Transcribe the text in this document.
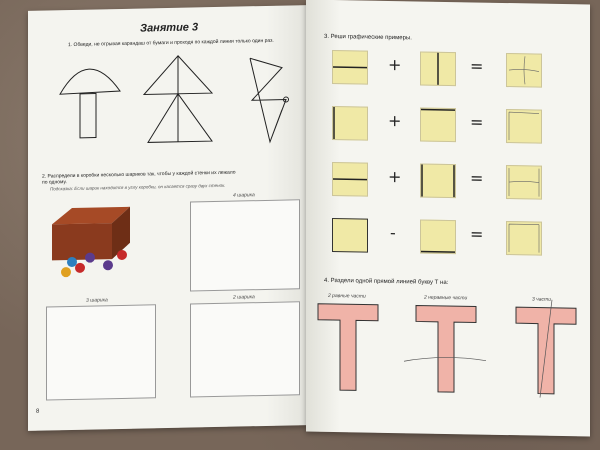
Занятие 3
1. Обведи, не отрывая карандаш от бумаги и проходя по каждой линии только один раз.
2. Распредели в коробки несколько шариков так, чтобы у каждой стенки их лежало
по одному.
Подсказка: Если шарик находится в углу коробки, он касается сразу двух стенок.
4 шарика
3 шарика	2 шарика
8
3. Реши графические примеры.
+	=
+	=
+	=
-	=
4. Раздели одной прямой линией букву Т на:
2 равные части	2 неравные части	3 части
